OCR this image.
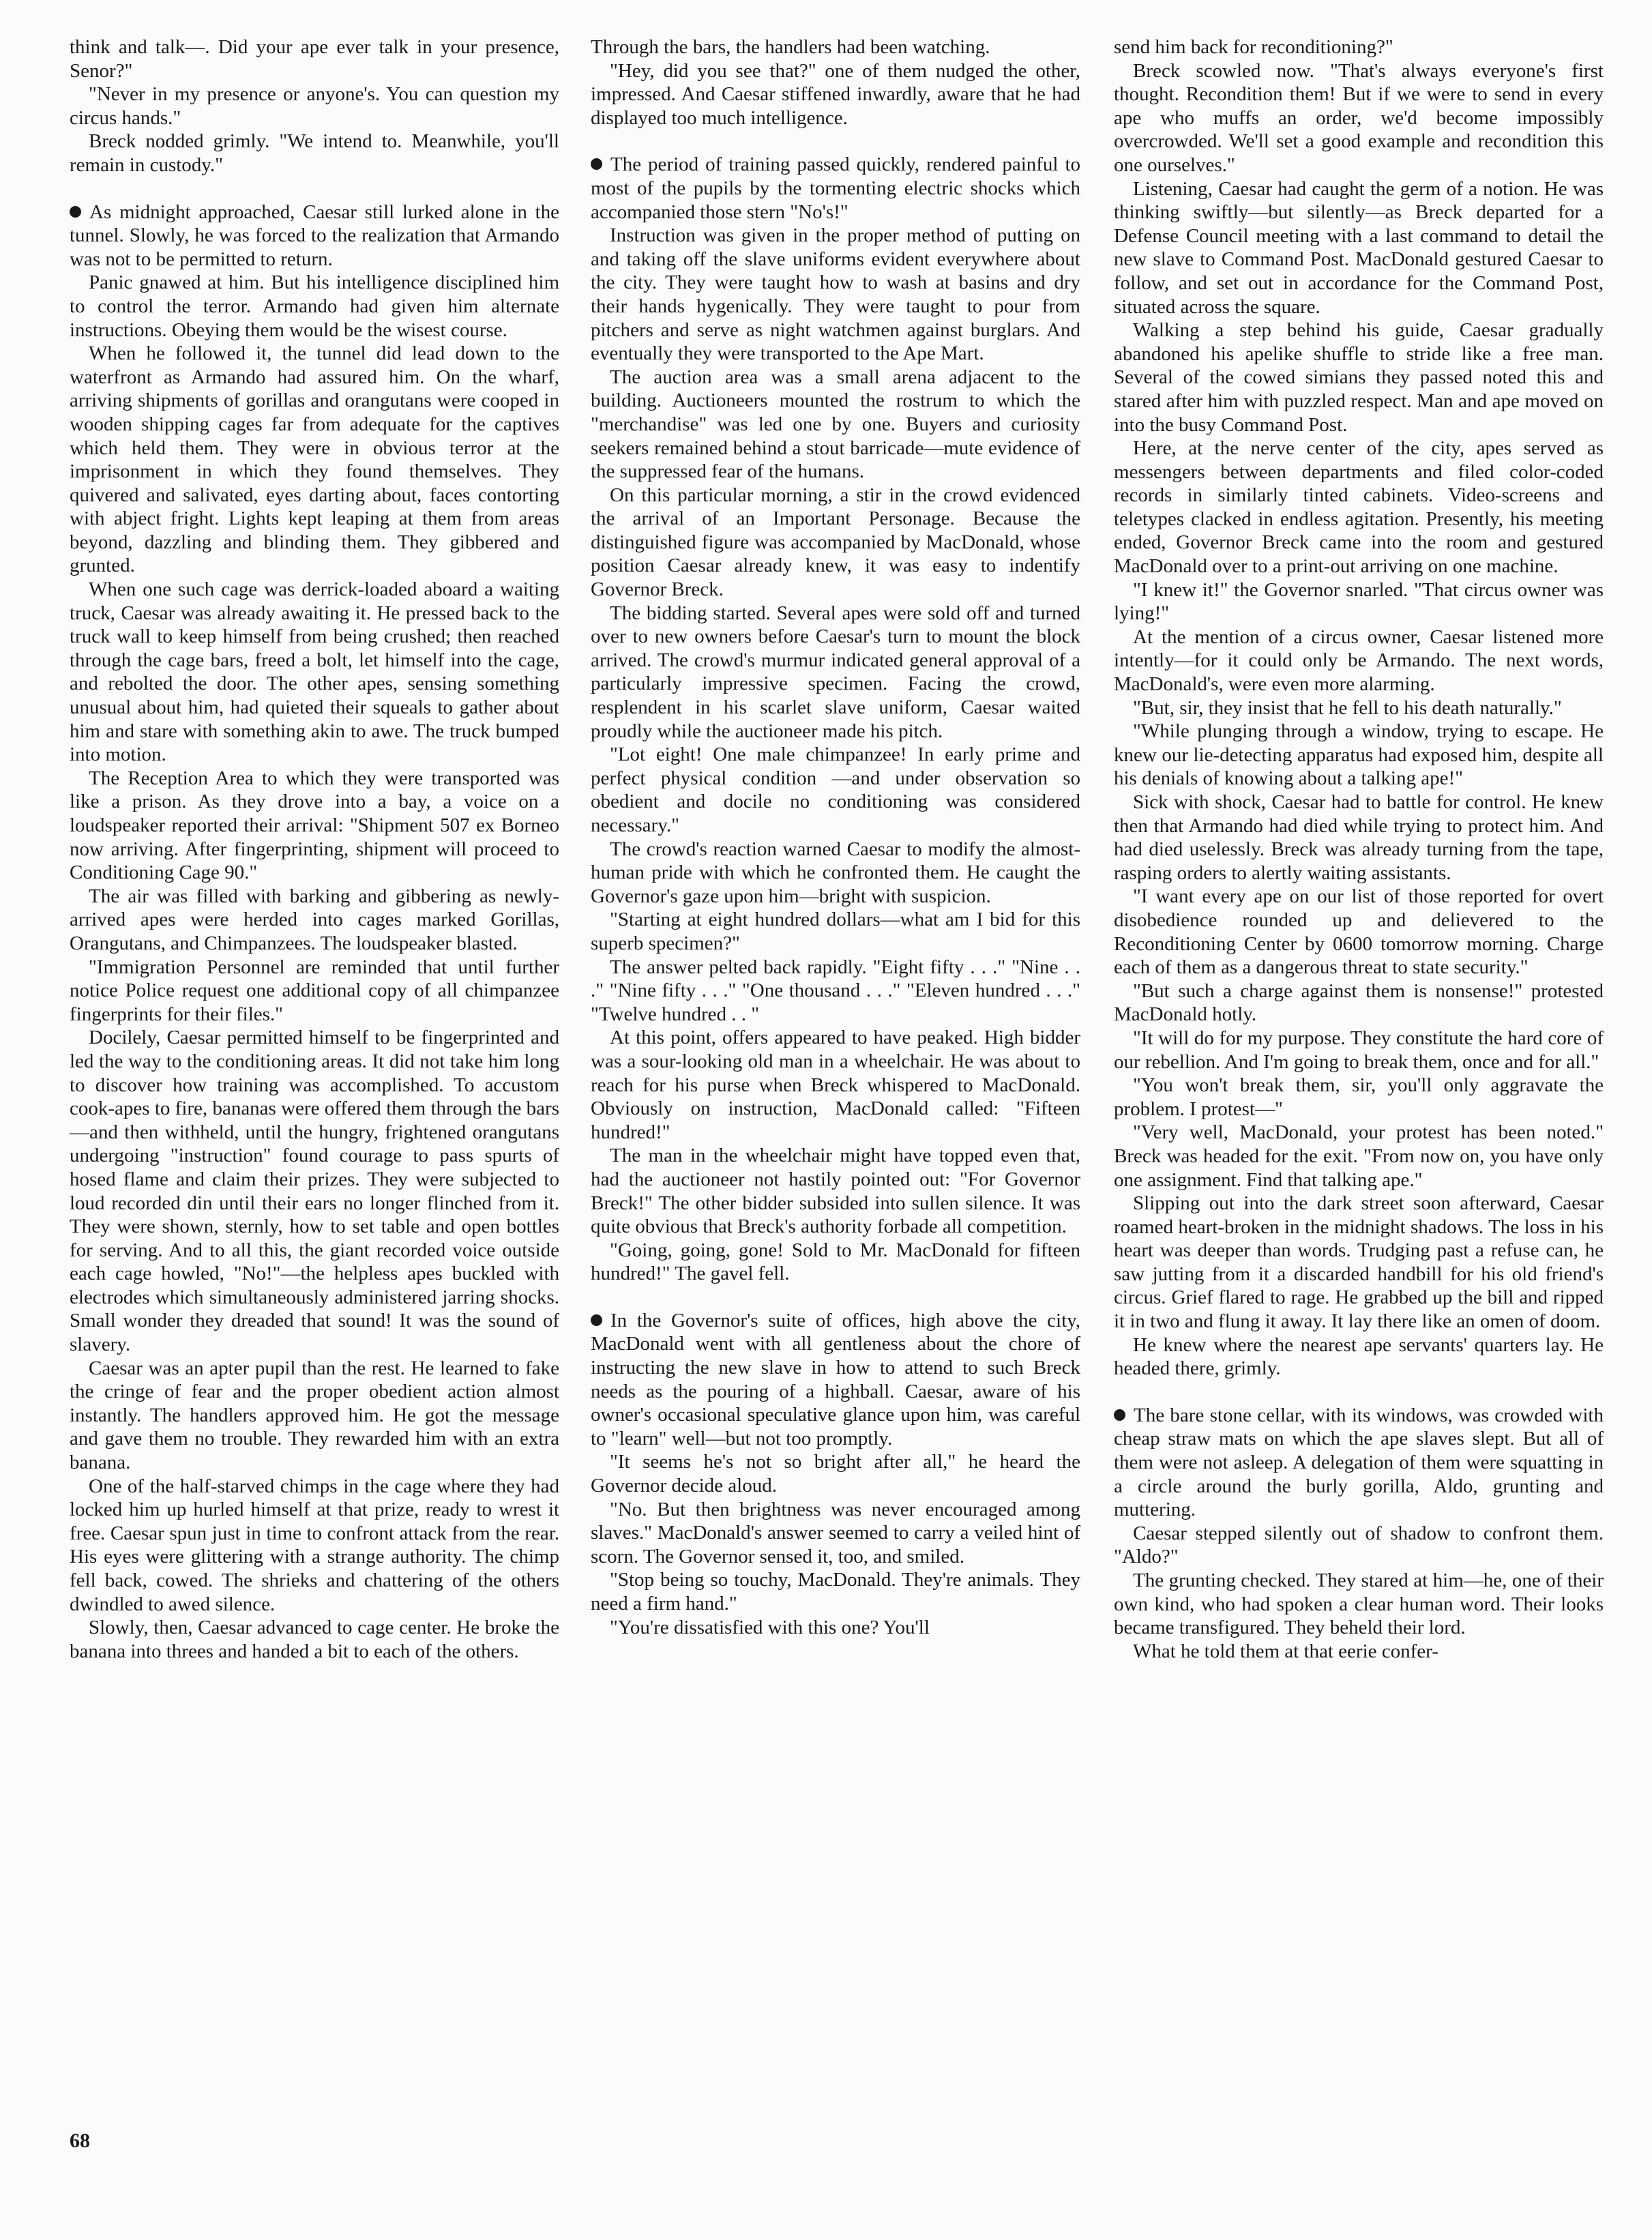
think and talk—. Did your ape ever talk in your presence, Senor?"

"Never in my presence or anyone's. You can question my circus hands."

Breck nodded grimly. "We intend to. Meanwhile, you'll remain in custody."

As midnight approached, Caesar still lurked alone in the tunnel. Slowly, he was forced to the realization that Armando was not to be permitted to return.

Panic gnawed at him. But his intelligence disciplined him to control the terror. Armando had given him alternate instructions. Obeying them would be the wisest course.

When he followed it, the tunnel did lead down to the waterfront as Armando had assured him. On the wharf, arriving shipments of gorillas and orangutans were cooped in wooden shipping cages far from adequate for the captives which held them. They were in obvious terror at the imprisonment in which they found themselves. They quivered and salivated, eyes darting about, faces contorting with abject fright. Lights kept leaping at them from areas beyond, dazzling and blinding them. They gibbered and grunted.

When one such cage was derrick-loaded aboard a waiting truck, Caesar was already awaiting it. He pressed back to the truck wall to keep himself from being crushed; then reached through the cage bars, freed a bolt, let himself into the cage, and rebolted the door. The other apes, sensing something unusual about him, had quieted their squeals to gather about him and stare with something akin to awe. The truck bumped into motion.

The Reception Area to which they were transported was like a prison. As they drove into a bay, a voice on a loudspeaker reported their arrival: "Shipment 507 ex Borneo now arriving. After fingerprinting, shipment will proceed to Conditioning Cage 90."

The air was filled with barking and gibbering as newly-arrived apes were herded into cages marked Gorillas, Orangutans, and Chimpanzees. The loudspeaker blasted.

"Immigration Personnel are reminded that until further notice Police request one additional copy of all chimpanzee fingerprints for their files."

Docilely, Caesar permitted himself to be fingerprinted and led the way to the conditioning areas. It did not take him long to discover how training was accomplished. To accustom cook-apes to fire, bananas were offered them through the bars—and then withheld, until the hungry, frightened orangutans undergoing "instruction" found courage to pass spurts of hosed flame and claim their prizes. They were subjected to loud recorded din until their ears no longer flinched from it. They were shown, sternly, how to set table and open bottles for serving. And to all this, the giant recorded voice outside each cage howled, "No!"—the helpless apes buckled with electrodes which simultaneously administered jarring shocks. Small wonder they dreaded that sound! It was the sound of slavery.

Caesar was an apter pupil than the rest. He learned to fake the cringe of fear and the proper obedient action almost instantly. The handlers approved him. He got the message and gave them no trouble. They rewarded him with an extra banana.

One of the half-starved chimps in the cage where they had locked him up hurled himself at that prize, ready to wrest it free. Caesar spun just in time to confront attack from the rear. His eyes were glittering with a strange authority. The chimp fell back, cowed. The shrieks and chattering of the others dwindled to awed silence.

Slowly, then, Caesar advanced to cage center. He broke the banana into threes and handed a bit to each of the others.

Through the bars, the handlers had been watching.

"Hey, did you see that?" one of them nudged the other, impressed. And Caesar stiffened inwardly, aware that he had displayed too much intelligence.

The period of training passed quickly, rendered painful to most of the pupils by the tormenting electric shocks which accompanied those stern "No's!"

Instruction was given in the proper method of putting on and taking off the slave uniforms evident everywhere about the city. They were taught how to wash at basins and dry their hands hygenically. They were taught to pour from pitchers and serve as night watchmen against burglars. And eventually they were transported to the Ape Mart.

The auction area was a small arena adjacent to the building. Auctioneers mounted the rostrum to which the "merchandise" was led one by one. Buyers and curiosity seekers remained behind a stout barricade—mute evidence of the suppressed fear of the humans.

On this particular morning, a stir in the crowd evidenced the arrival of an Important Personage. Because the distinguished figure was accompanied by MacDonald, whose position Caesar already knew, it was easy to indentify Governor Breck.

The bidding started. Several apes were sold off and turned over to new owners before Caesar's turn to mount the block arrived. The crowd's murmur indicated general approval of a particularly impressive specimen. Facing the crowd, resplendent in his scarlet slave uniform, Caesar waited proudly while the auctioneer made his pitch.

"Lot eight! One male chimpanzee! In early prime and perfect physical condition —and under observation so obedient and docile no conditioning was considered necessary."

The crowd's reaction warned Caesar to modify the almost-human pride with which he confronted them. He caught the Governor's gaze upon him—bright with suspicion.

"Starting at eight hundred dollars—what am I bid for this superb specimen?"

The answer pelted back rapidly. "Eight fifty . . ." "Nine . . ." "Nine fifty . . ." "One thousand . . ." "Eleven hundred . . ." "Twelve hundred . . "

At this point, offers appeared to have peaked. High bidder was a sour-looking old man in a wheelchair. He was about to reach for his purse when Breck whispered to MacDonald. Obviously on instruction, MacDonald called: "Fifteen hundred!"

The man in the wheelchair might have topped even that, had the auctioneer not hastily pointed out: "For Governor Breck!" The other bidder subsided into sullen silence. It was quite obvious that Breck's authority forbade all competition.

"Going, going, gone! Sold to Mr. MacDonald for fifteen hundred!" The gavel fell.

In the Governor's suite of offices, high above the city, MacDonald went with all gentleness about the chore of instructing the new slave in how to attend to such Breck needs as the pouring of a highball. Caesar, aware of his owner's occasional speculative glance upon him, was careful to "learn" well—but not too promptly.

"It seems he's not so bright after all," he heard the Governor decide aloud.

"No. But then brightness was never encouraged among slaves." MacDonald's answer seemed to carry a veiled hint of scorn. The Governor sensed it, too, and smiled.

"Stop being so touchy, MacDonald. They're animals. They need a firm hand."

"You're dissatisfied with this one? You'll

send him back for reconditioning?"

Breck scowled now. "That's always everyone's first thought. Recondition them! But if we were to send in every ape who muffs an order, we'd become impossibly overcrowded. We'll set a good example and recondition this one ourselves."

Listening, Caesar had caught the germ of a notion. He was thinking swiftly—but silently—as Breck departed for a Defense Council meeting with a last command to detail the new slave to Command Post. MacDonald gestured Caesar to follow, and set out in accordance for the Command Post, situated across the square.

Walking a step behind his guide, Caesar gradually abandoned his apelike shuffle to stride like a free man. Several of the cowed simians they passed noted this and stared after him with puzzled respect. Man and ape moved on into the busy Command Post.

Here, at the nerve center of the city, apes served as messengers between departments and filed color-coded records in similarly tinted cabinets. Video-screens and teletypes clacked in endless agitation. Presently, his meeting ended, Governor Breck came into the room and gestured MacDonald over to a print-out arriving on one machine.

"I knew it!" the Governor snarled. "That circus owner was lying!"

At the mention of a circus owner, Caesar listened more intently—for it could only be Armando. The next words, MacDonald's, were even more alarming.

"But, sir, they insist that he fell to his death naturally."

"While plunging through a window, trying to escape. He knew our lie-detecting apparatus had exposed him, despite all his denials of knowing about a talking ape!"

Sick with shock, Caesar had to battle for control. He knew then that Armando had died while trying to protect him. And had died uselessly. Breck was already turning from the tape, rasping orders to alertly waiting assistants.

"I want every ape on our list of those reported for overt disobedience rounded up and delievered to the Reconditioning Center by 0600 tomorrow morning. Charge each of them as a dangerous threat to state security."

"But such a charge against them is nonsense!" protested MacDonald hotly.

"It will do for my purpose. They constitute the hard core of our rebellion. And I'm going to break them, once and for all."

"You won't break them, sir, you'll only aggravate the problem. I protest—"

"Very well, MacDonald, your protest has been noted." Breck was headed for the exit. "From now on, you have only one assignment. Find that talking ape."

Slipping out into the dark street soon afterward, Caesar roamed heart-broken in the midnight shadows. The loss in his heart was deeper than words. Trudging past a refuse can, he saw jutting from it a discarded handbill for his old friend's circus. Grief flared to rage. He grabbed up the bill and ripped it in two and flung it away. It lay there like an omen of doom.

He knew where the nearest ape servants' quarters lay. He headed there, grimly.

The bare stone cellar, with its windows, was crowded with cheap straw mats on which the ape slaves slept. But all of them were not asleep. A delegation of them were squatting in a circle around the burly gorilla, Aldo, grunting and muttering.

Caesar stepped silently out of shadow to confront them. "Aldo?"

The grunting checked. They stared at him—he, one of their own kind, who had spoken a clear human word. Their looks became transfigured. They beheld their lord.

What he told them at that eerie confer-

68
